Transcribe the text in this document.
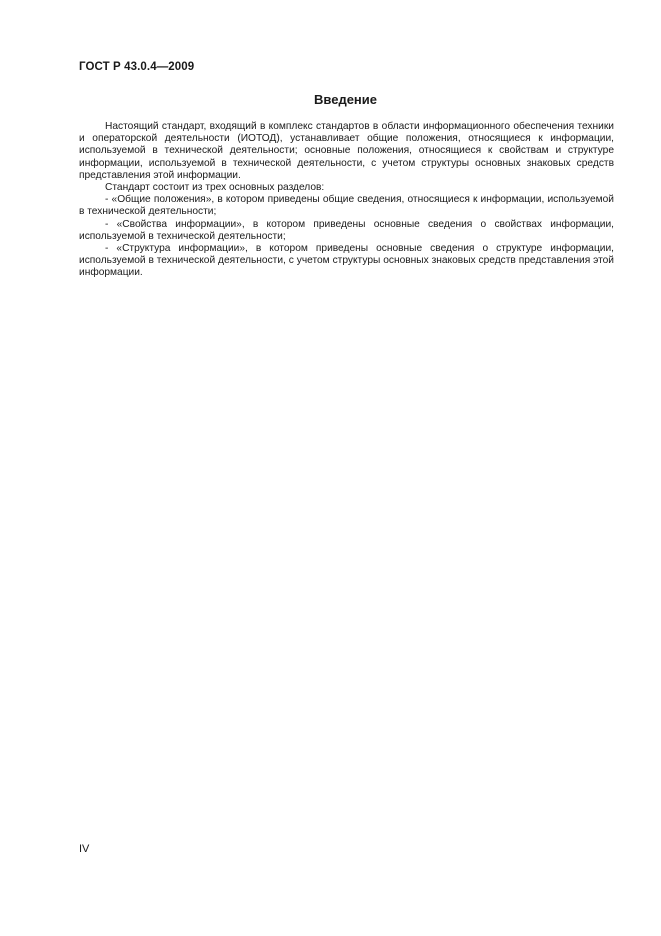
ГОСТ Р 43.0.4—2009
Введение

Настоящий стандарт, входящий в комплекс стандартов в области информационного обеспечения техники и операторской деятельности (ИОТОД), устанавливает общие положения, относящиеся к информации, используемой в технической деятельности; основные положения, относящиеся к свойствам и структуре информации, используемой в технической деятельности, с учетом структуры основных знаковых средств представления этой информации.

Стандарт состоит из трех основных разделов:

- «Общие положения», в котором приведены общие сведения, относящиеся к информации, используемой в технической деятельности;

- «Свойства информации», в котором приведены основные сведения о свойствах информации, используемой в технической деятельности;

- «Структура информации», в котором приведены основные сведения о структуре информации, используемой в технической деятельности, с учетом структуры основных знаковых средств представления этой информации.

IV
